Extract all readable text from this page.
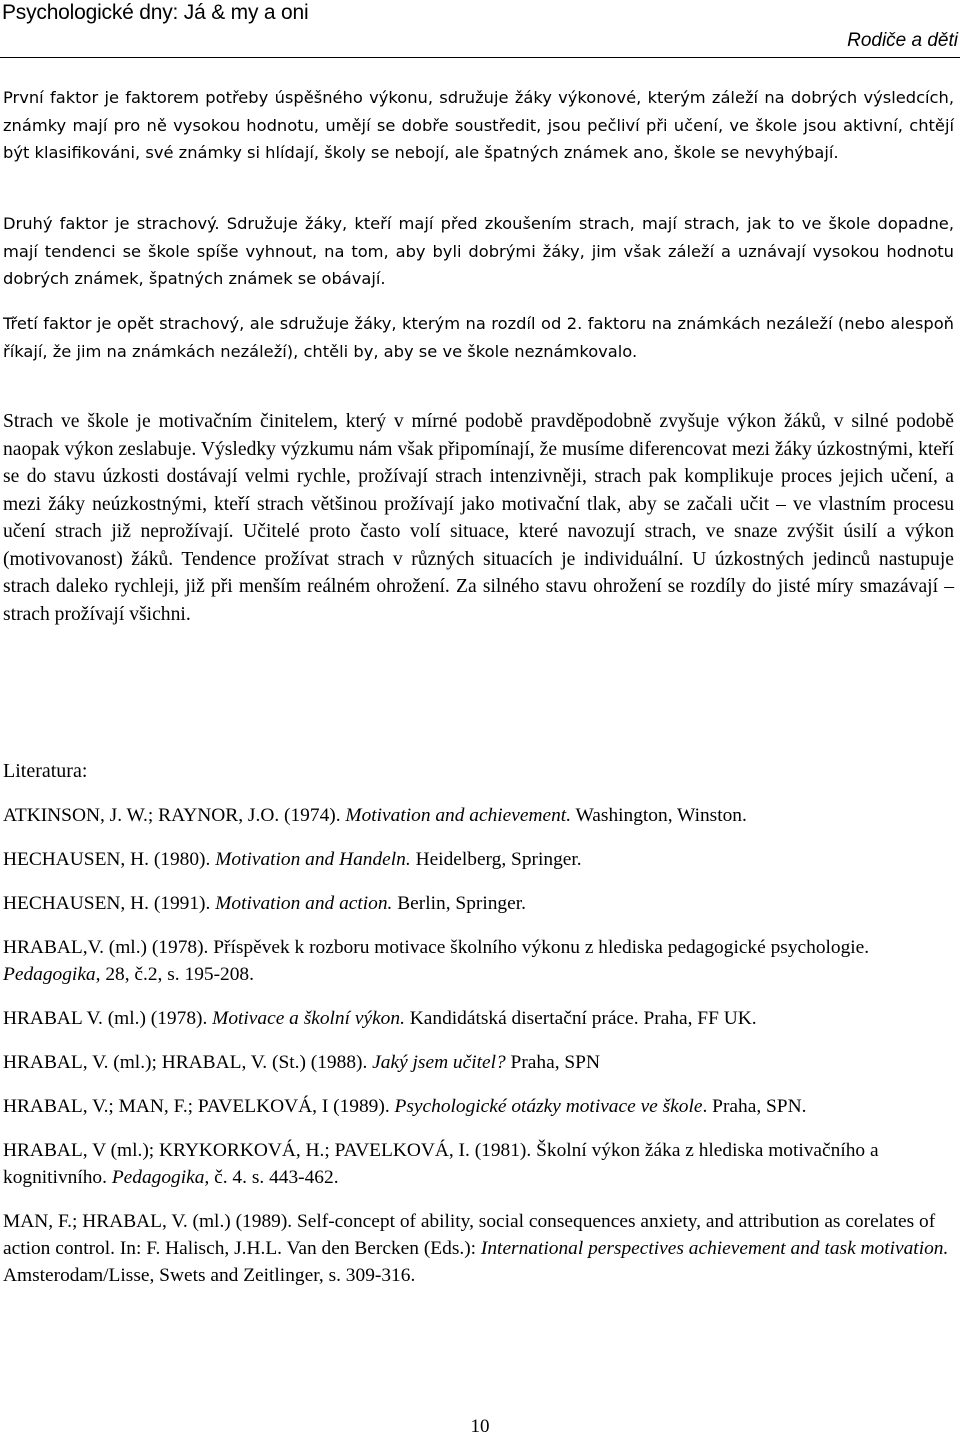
Psychologické dny: Já & my a oni
Rodiče a děti

První faktor je faktorem potřeby úspěšného výkonu, sdružuje žáky výkonové, kterým záleží na dobrých výsledcích, známky mají pro ně vysokou hodnotu, umějí se dobře soustředit, jsou pečliví při učení, ve škole jsou aktivní, chtějí být klasifikováni, své známky si hlídají, školy se nebojí, ale špatných známek ano, škole se nevyhýbají.

Druhý faktor je strachový. Sdružuje žáky, kteří mají před zkoušením strach, mají strach, jak to ve škole dopadne, mají tendenci se škole spíše vyhnout, na tom, aby byli dobrými žáky, jim však záleží a uznávají vysokou hodnotu dobrých známek, špatných známek se obávají.

Třetí faktor je opět strachový, ale sdružuje žáky, kterým na rozdíl od 2. faktoru na známkách nezáleží (nebo alespoň říkají, že jim na známkách nezáleží), chtěli by, aby se ve škole neznámkovalo.

Strach ve škole je motivačním činitelem, který v mírné podobě pravděpodobně zvyšuje výkon žáků, v silné podobě naopak výkon zeslabuje. Výsledky výzkumu nám však připomínají, že musíme diferencovat mezi žáky úzkostnými, kteří se do stavu úzkosti dostávají velmi rychle, prožívají strach intenzivněji, strach pak komplikuje proces jejich učení, a mezi žáky neúzkostnými, kteří strach většinou prožívají jako motivační tlak, aby se začali učit – ve vlastním procesu učení strach již neprožívají. Učitelé proto často volí situace, které navozují strach, ve snaze zvýšit úsilí a výkon (motivovanost) žáků. Tendence prožívat strach v různých situacích je individuální. U úzkostných jedinců nastupuje strach daleko rychleji, již při menším reálném ohrožení. Za silného stavu ohrožení se rozdíly do jisté míry smazávají – strach prožívají všichni.

Literatura:
ATKINSON, J. W.; RAYNOR, J.O. (1974). Motivation and achievement. Washington, Winston.
HECHAUSEN, H. (1980). Motivation and Handeln. Heidelberg, Springer.
HECHAUSEN, H. (1991). Motivation and action. Berlin, Springer.
HRABAL,V. (ml.) (1978). Příspěvek k rozboru motivace školního výkonu z hlediska pedagogické psychologie. Pedagogika, 28, č.2, s. 195-208.
HRABAL V. (ml.) (1978). Motivace a školní výkon. Kandidátská disertační práce. Praha, FF UK.
HRABAL, V. (ml.); HRABAL, V. (St.) (1988). Jaký jsem učitel? Praha, SPN
HRABAL, V.; MAN, F.; PAVELKOVÁ, I (1989). Psychologické otázky motivace ve škole. Praha, SPN.
HRABAL, V (ml.); KRYKORKOVÁ, H.; PAVELKOVÁ, I. (1981). Školní výkon žáka z hlediska motivačního a kognitivního. Pedagogika, č. 4. s. 443-462.
MAN, F.; HRABAL, V. (ml.) (1989). Self-concept of ability, social consequences anxiety, and attribution as corelates of action control. In: F. Halisch, J.H.L. Van den Bercken (Eds.): International perspectives achievement and task motivation. Amsterodam/Lisse, Swets and Zeitlinger, s. 309-316.
10
